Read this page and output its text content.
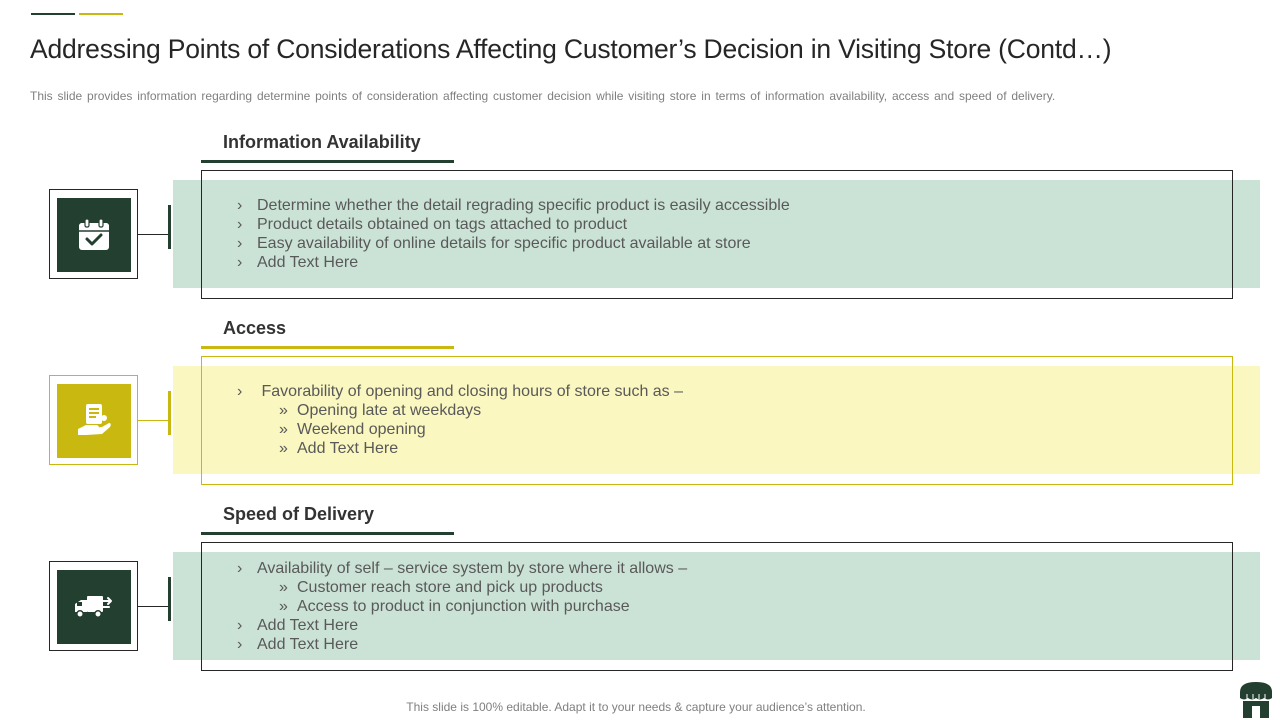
Addressing Points of Considerations Affecting Customer’s Decision in Visiting Store (Contd…)
This slide provides information regarding determine points of consideration affecting customer decision while visiting store in terms of information availability, access and speed of delivery.
Information Availability
› Determine whether the detail regrading specific product is easily accessible
› Product details obtained on tags attached to product
› Easy availability of online details for specific product available at store
› Add Text Here
Access
› Favorability of opening and closing hours of store such as –
» Opening late at weekdays
» Weekend opening
» Add Text Here
Speed of Delivery
› Availability of self – service system by store where it allows –
» Customer reach store and pick up products
» Access to product in conjunction with purchase
› Add Text Here
› Add Text Here
This slide is 100% editable. Adapt it to your needs & capture your audience’s attention.
